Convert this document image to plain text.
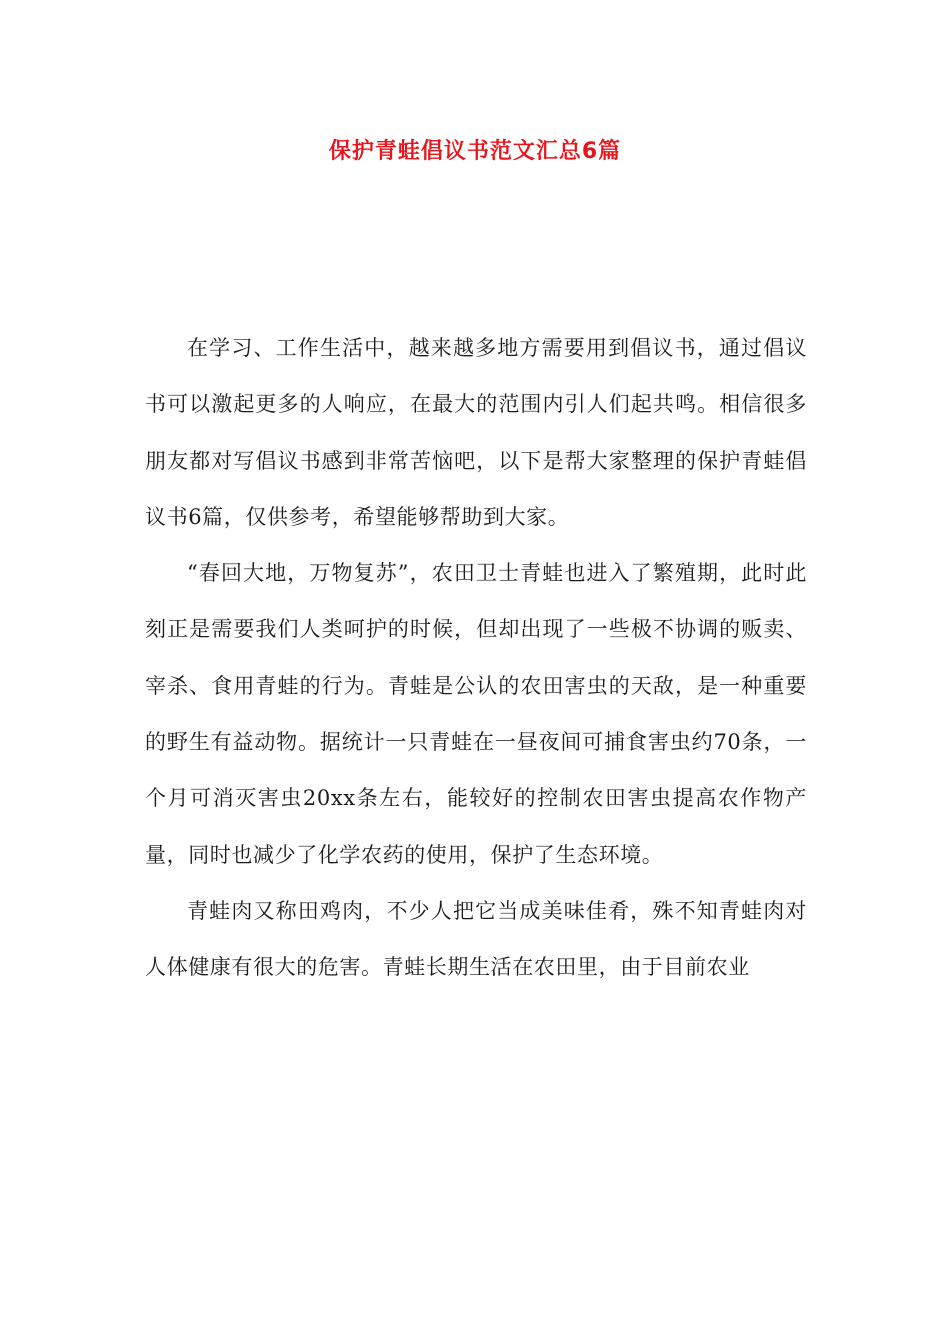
保护青蛙倡议书范文汇总6篇

在学习、工作生活中，越来越多地方需要用到倡议书，通过倡议书可以激起更多的人响应，在最大的范围内引人们起共鸣。相信很多朋友都对写倡议书感到非常苦恼吧，以下是帮大家整理的保护青蛙倡议书6篇，仅供参考，希望能够帮助到大家。

“春回大地，万物复苏”，农田卫士青蛙也进入了繁殖期，此时此刻正是需要我们人类呵护的时候，但却出现了一些极不协调的贩卖、宰杀、食用青蛙的行为。青蛙是公认的农田害虫的天敌，是一种重要的野生有益动物。据统计一只青蛙在一昼夜间可捕食害虫约70条，一个月可消灭害虫20xx条左右，能较好的控制农田害虫提高农作物产量，同时也减少了化学农药的使用，保护了生态环境。

青蛙肉又称田鸡肉，不少人把它当成美味佳肴，殊不知青蛙肉对人体健康有很大的危害。青蛙长期生活在农田里，由于目前农业
